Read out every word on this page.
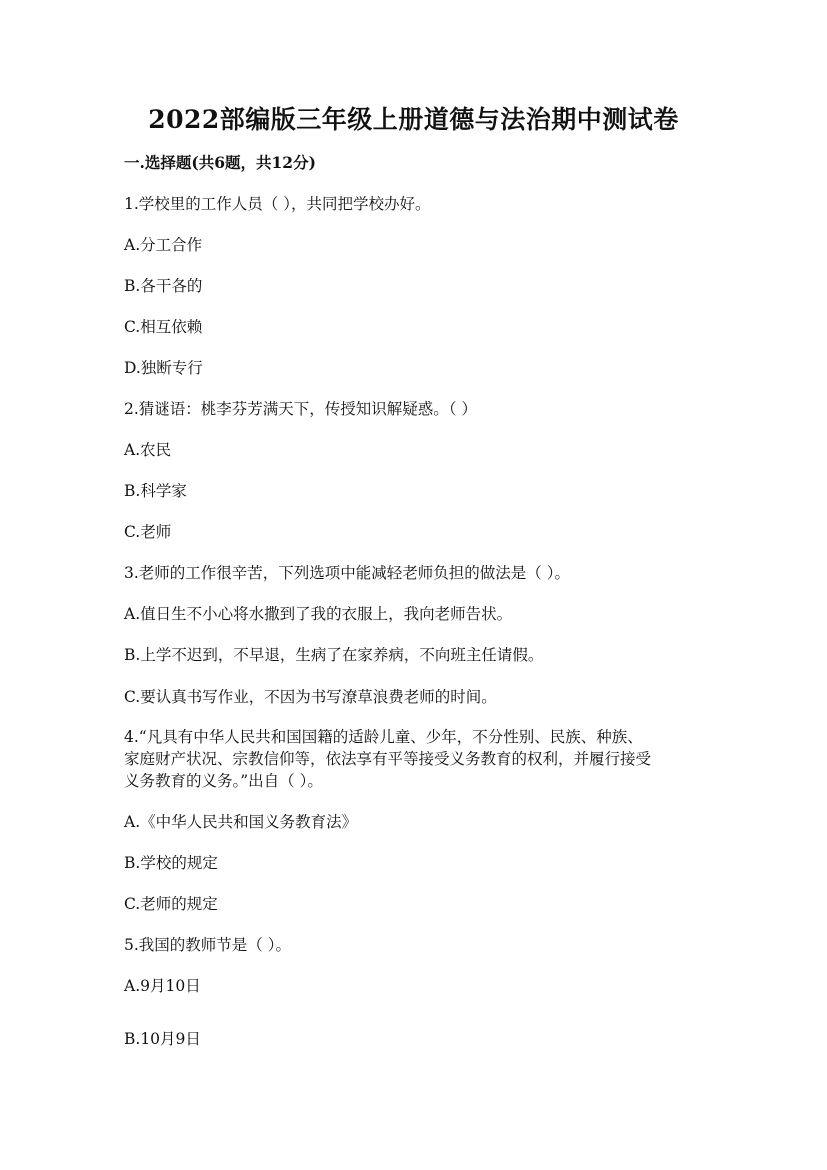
2022部编版三年级上册道德与法治期中测试卷
一.选择题(共6题，共12分)
1.学校里的工作人员（ ），共同把学校办好。
A.分工合作
B.各干各的
C.相互依赖
D.独断专行
2.猜谜语：桃李芬芳满天下，传授知识解疑惑。（ ）
A.农民
B.科学家
C.老师
3.老师的工作很辛苦，下列选项中能减轻老师负担的做法是（ ）。
A.值日生不小心将水撒到了我的衣服上，我向老师告状。
B.上学不迟到，不早退，生病了在家养病，不向班主任请假。
C.要认真书写作业，不因为书写潦草浪费老师的时间。
4.“凡具有中华人民共和国国籍的适龄儿童、少年，不分性别、民族、种族、
家庭财产状况、宗教信仰等，依法享有平等接受义务教育的权利，并履行接受
义务教育的义务。”出自（ ）。
A.《中华人民共和国义务教育法》
B.学校的规定
C.老师的规定
5.我国的教师节是（ ）。
A.9月10日
B.10月9日
